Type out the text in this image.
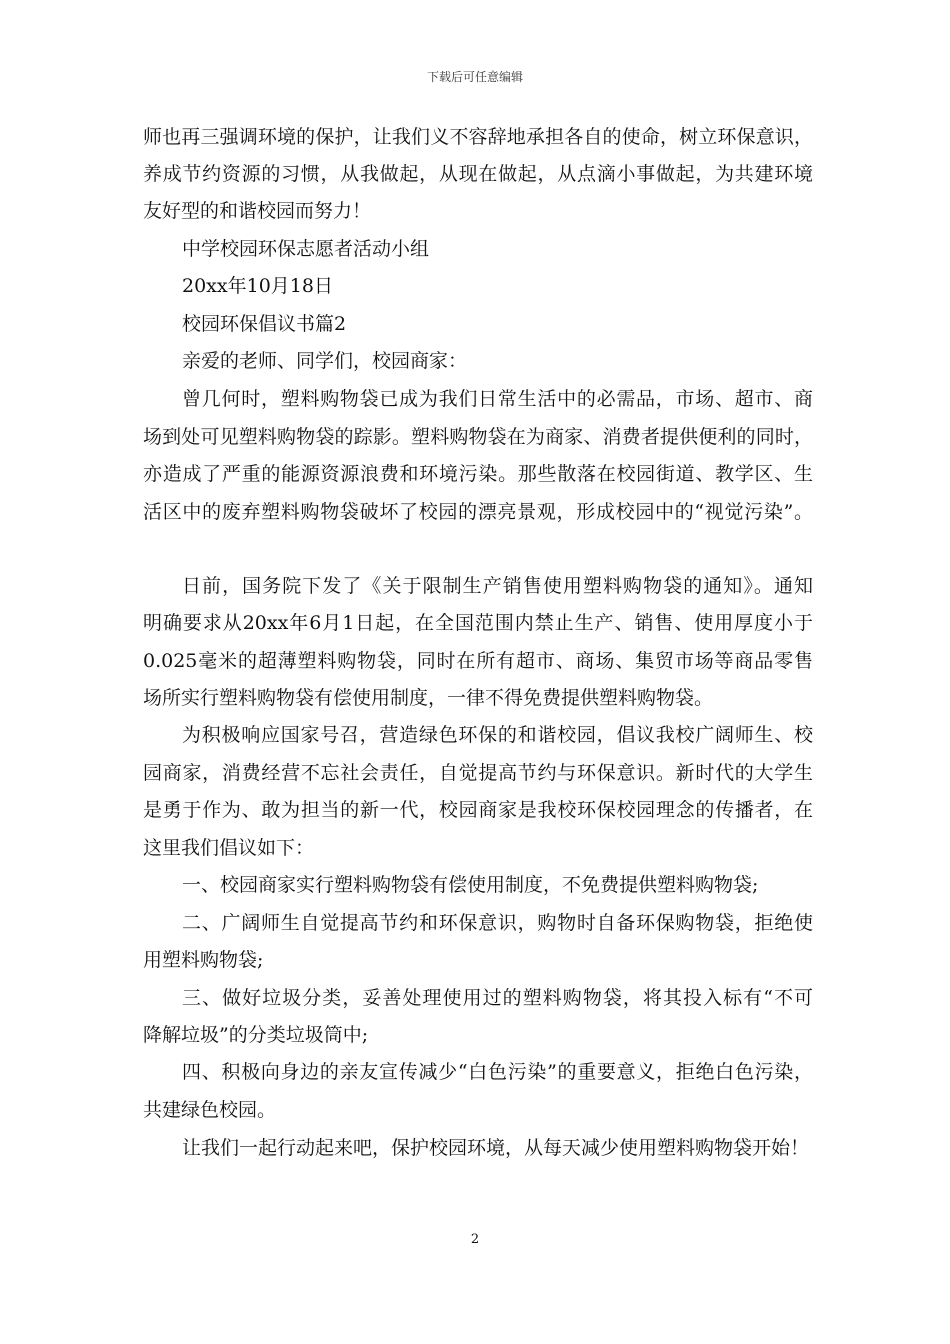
下载后可任意编辑
师也再三强调环境的保护，让我们义不容辞地承担各自的使命，树立环保意识，
养成节约资源的习惯，从我做起，从现在做起，从点滴小事做起，为共建环境
友好型的和谐校园而努力！
中学校园环保志愿者活动小组
20xx年10月18日
校园环保倡议书篇2
亲爱的老师、同学们，校园商家：
曾几何时，塑料购物袋已成为我们日常生活中的必需品，市场、超市、商
场到处可见塑料购物袋的踪影。塑料购物袋在为商家、消费者提供便利的同时，
亦造成了严重的能源资源浪费和环境污染。那些散落在校园街道、教学区、生
活区中的废弃塑料购物袋破坏了校园的漂亮景观，形成校园中的“视觉污染”。
日前，国务院下发了《关于限制生产销售使用塑料购物袋的通知》。通知
明确要求从20xx年6月1日起，在全国范围内禁止生产、销售、使用厚度小于
0.025毫米的超薄塑料购物袋，同时在所有超市、商场、集贸市场等商品零售
场所实行塑料购物袋有偿使用制度，一律不得免费提供塑料购物袋。
为积极响应国家号召，营造绿色环保的和谐校园，倡议我校广阔师生、校
园商家，消费经营不忘社会责任，自觉提高节约与环保意识。新时代的大学生
是勇于作为、敢为担当的新一代，校园商家是我校环保校园理念的传播者，在
这里我们倡议如下：
一、校园商家实行塑料购物袋有偿使用制度，不免费提供塑料购物袋;
二、广阔师生自觉提高节约和环保意识，购物时自备环保购物袋，拒绝使
用塑料购物袋;
三、做好垃圾分类，妥善处理使用过的塑料购物袋，将其投入标有“不可
降解垃圾”的分类垃圾筒中;
四、积极向身边的亲友宣传减少“白色污染”的重要意义，拒绝白色污染，
共建绿色校园。
让我们一起行动起来吧，保护校园环境，从每天减少使用塑料购物袋开始！
2
